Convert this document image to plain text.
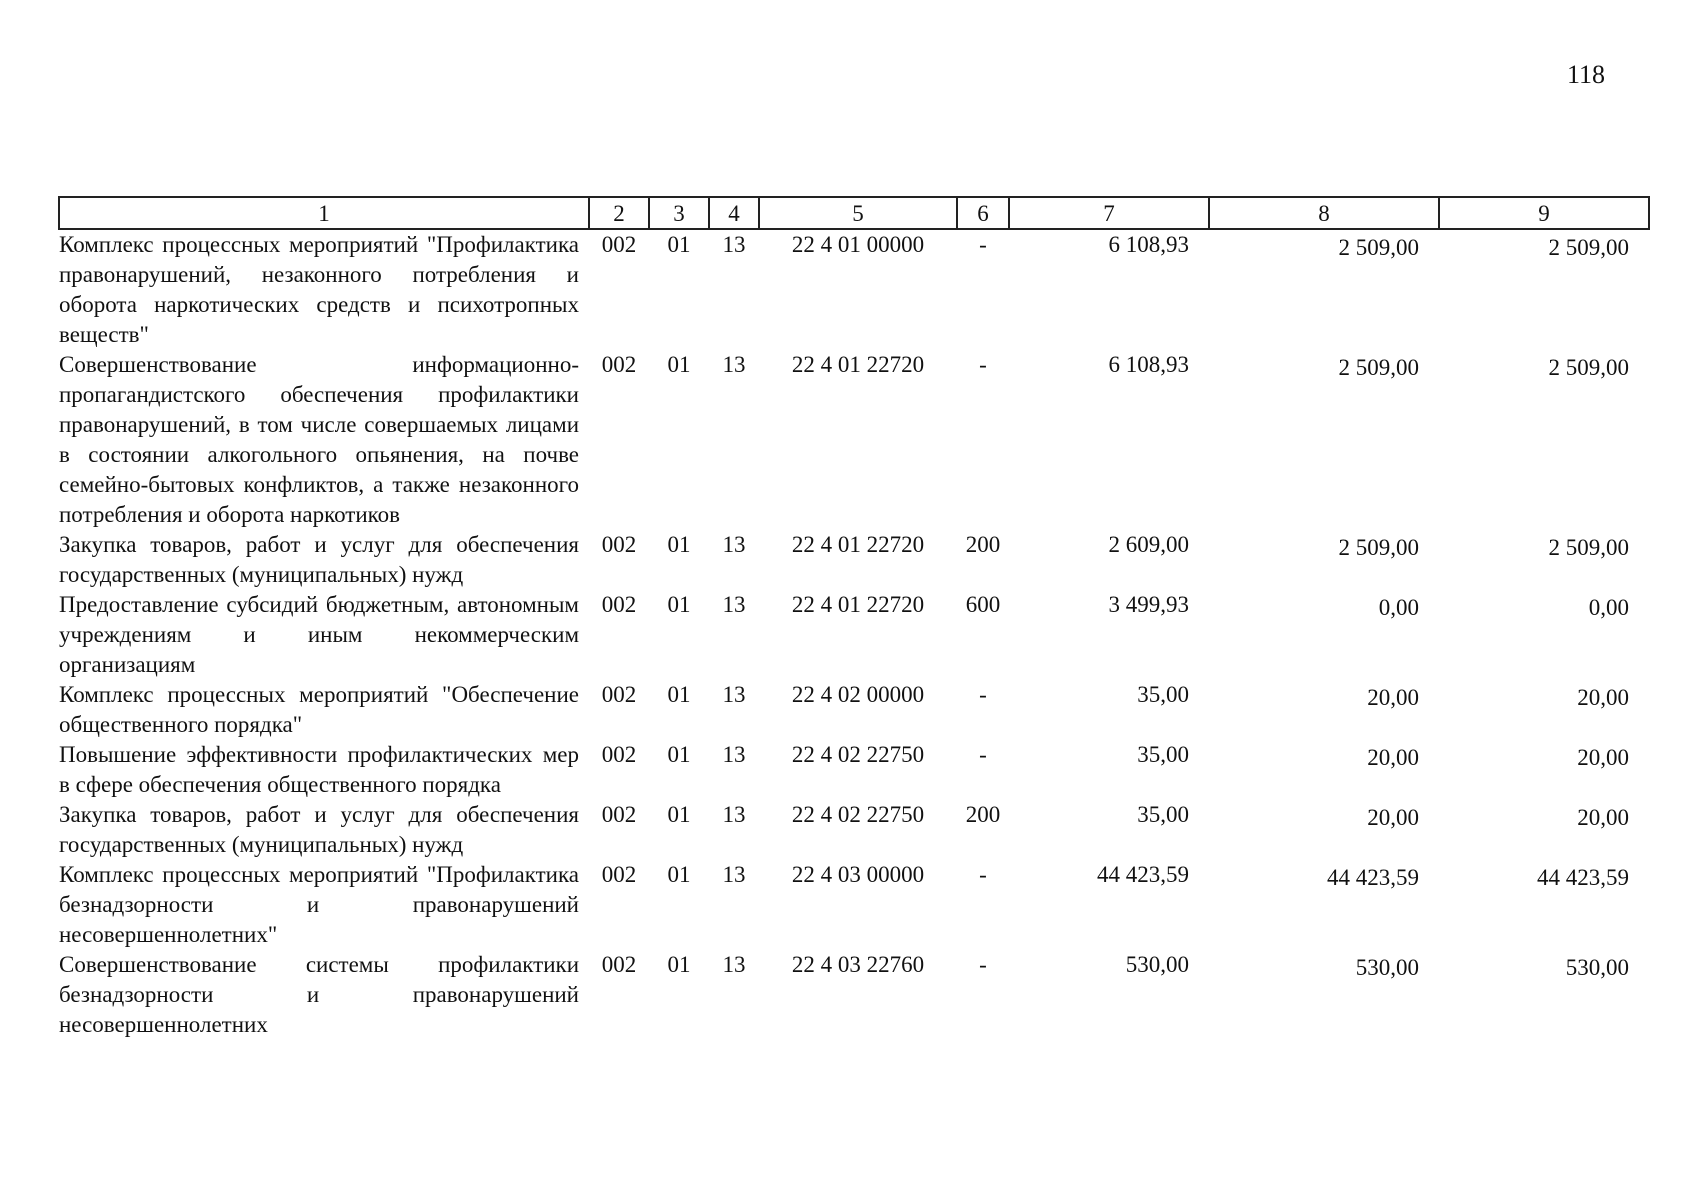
118
1	2	3	4	5	6	7	8	9
Комплекс процессных мероприятий "Профилактика правонарушений, незаконного потребления и оборота наркотических средств и психотропных веществ"	002	01	13	22 4 01 00000	-	6 108,93	2 509,00	2 509,00
Совершенствование информационно-пропагандистского обеспечения профилактики правонарушений, в том числе совершаемых лицами в состоянии алкогольного опьянения, на почве семейно-бытовых конфликтов, а также незаконного потребления и оборота наркотиков	002	01	13	22 4 01 22720	-	6 108,93	2 509,00	2 509,00
Закупка товаров, работ и услуг для обеспечения государственных (муниципальных) нужд	002	01	13	22 4 01 22720	200	2 609,00	2 509,00	2 509,00
Предоставление субсидий бюджетным, автономным учреждениям и иным некоммерческим организациям	002	01	13	22 4 01 22720	600	3 499,93	0,00	0,00
Комплекс процессных мероприятий "Обеспечение общественного порядка"	002	01	13	22 4 02 00000	-	35,00	20,00	20,00
Повышение эффективности профилактических мер в сфере обеспечения общественного порядка	002	01	13	22 4 02 22750	-	35,00	20,00	20,00
Закупка товаров, работ и услуг для обеспечения государственных (муниципальных) нужд	002	01	13	22 4 02 22750	200	35,00	20,00	20,00
Комплекс процессных мероприятий "Профилактика безнадзорности и правонарушений несовершеннолетних"	002	01	13	22 4 03 00000	-	44 423,59	44 423,59	44 423,59
Совершенствование системы профилактики безнадзорности и правонарушений несовершеннолетних	002	01	13	22 4 03 22760	-	530,00	530,00	530,00
